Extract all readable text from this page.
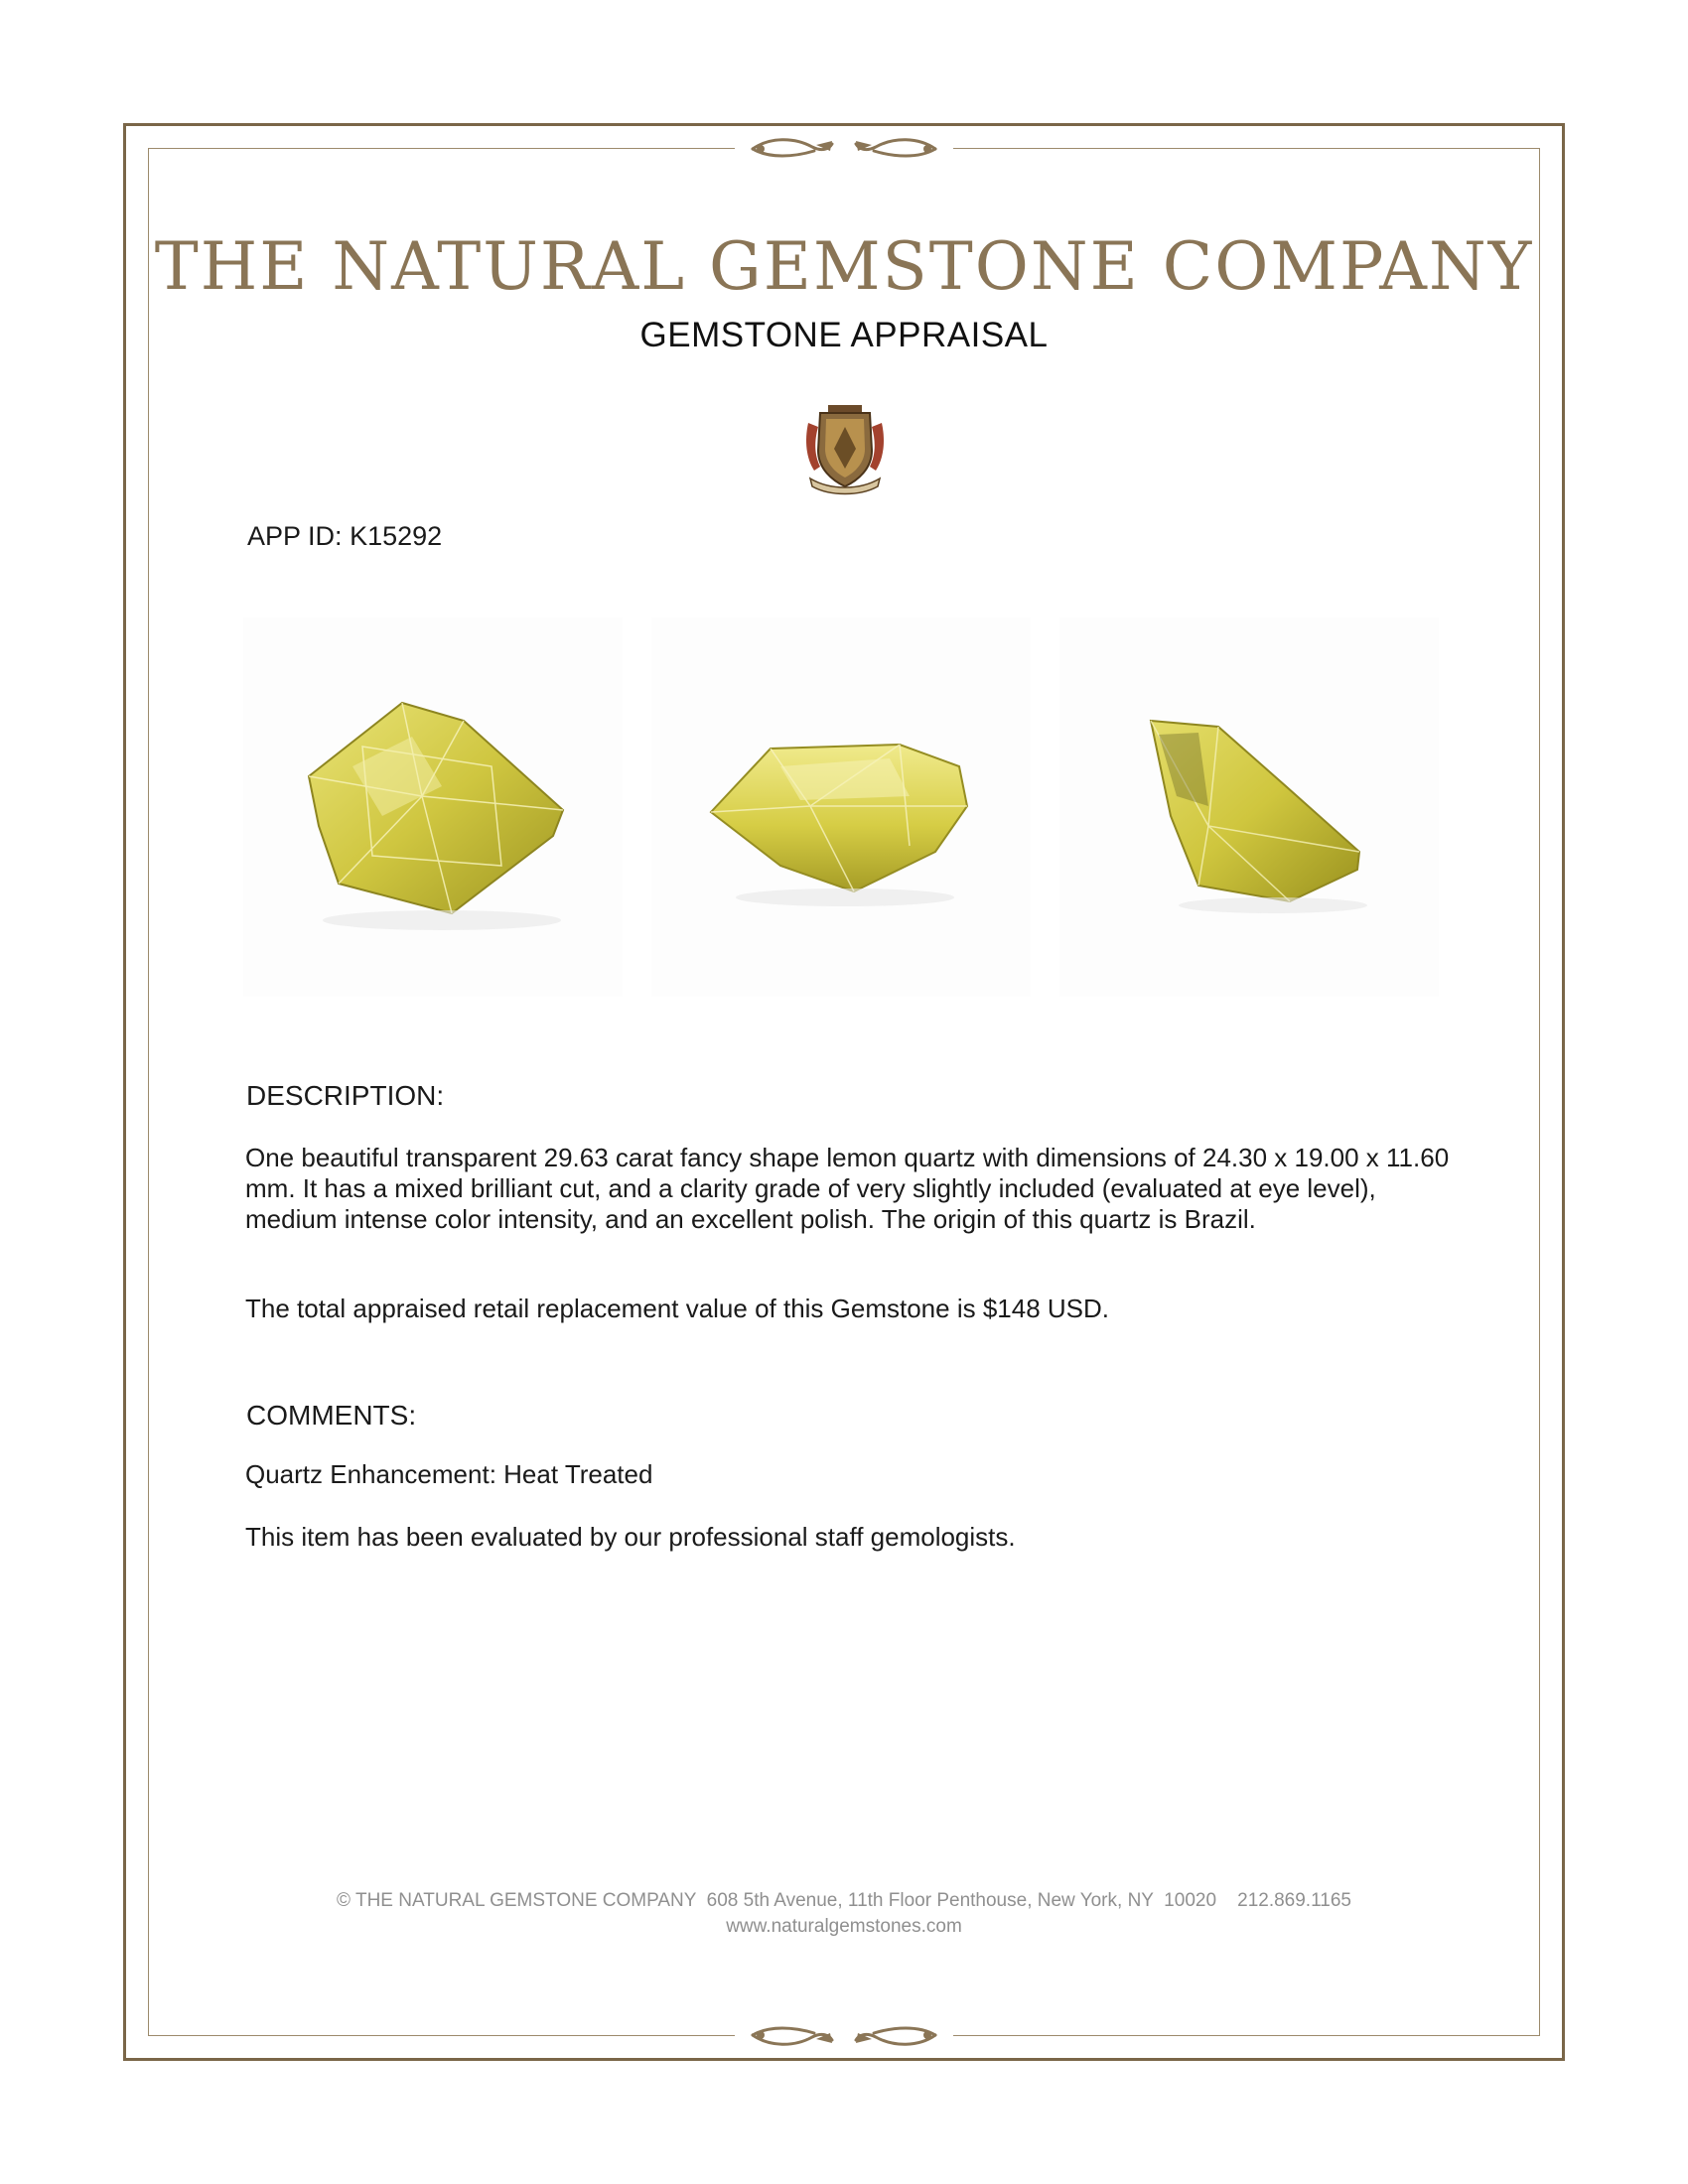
THE NATURAL GEMSTONE COMPANY
GEMSTONE APPRAISAL
APP ID: K15292
DESCRIPTION:
One beautiful transparent 29.63 carat fancy shape lemon quartz with dimensions of 24.30 x 19.00 x 11.60 mm. It has a mixed brilliant cut, and a clarity grade of very slightly included (evaluated at eye level), medium intense color intensity, and an excellent polish. The origin of this quartz is Brazil.
The total appraised retail replacement value of this Gemstone is $148 USD.
COMMENTS:
Quartz Enhancement: Heat Treated
This item has been evaluated by our professional staff gemologists.
© THE NATURAL GEMSTONE COMPANY  608 5th Avenue, 11th Floor Penthouse, New York, NY  10020    212.869.1165
www.naturalgemstones.com
